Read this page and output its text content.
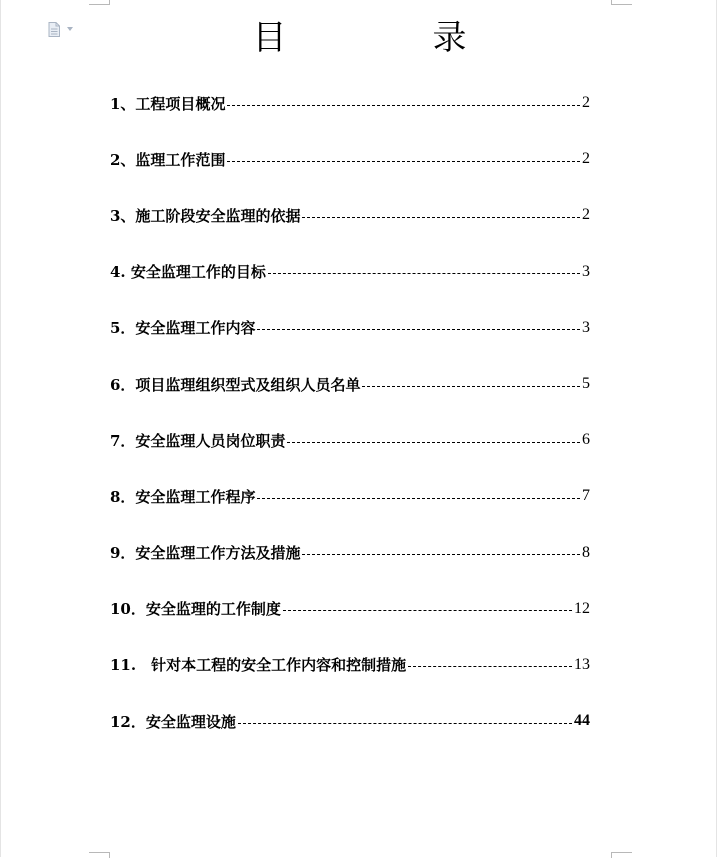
目　录
1、工程项目概况	2
2、监理工作范围	2
3、施工阶段安全监理的依据	2
4. 安全监理工作的目标	3
5．安全监理工作内容	3
6．项目监理组织型式及组织人员名单	5
7．安全监理人员岗位职责	6
8．安全监理工作程序	7
9．安全监理工作方法及措施	8
10．安全监理的工作制度	12
11.　针对本工程的安全工作内容和控制措施	13
12．安全监理设施	44
